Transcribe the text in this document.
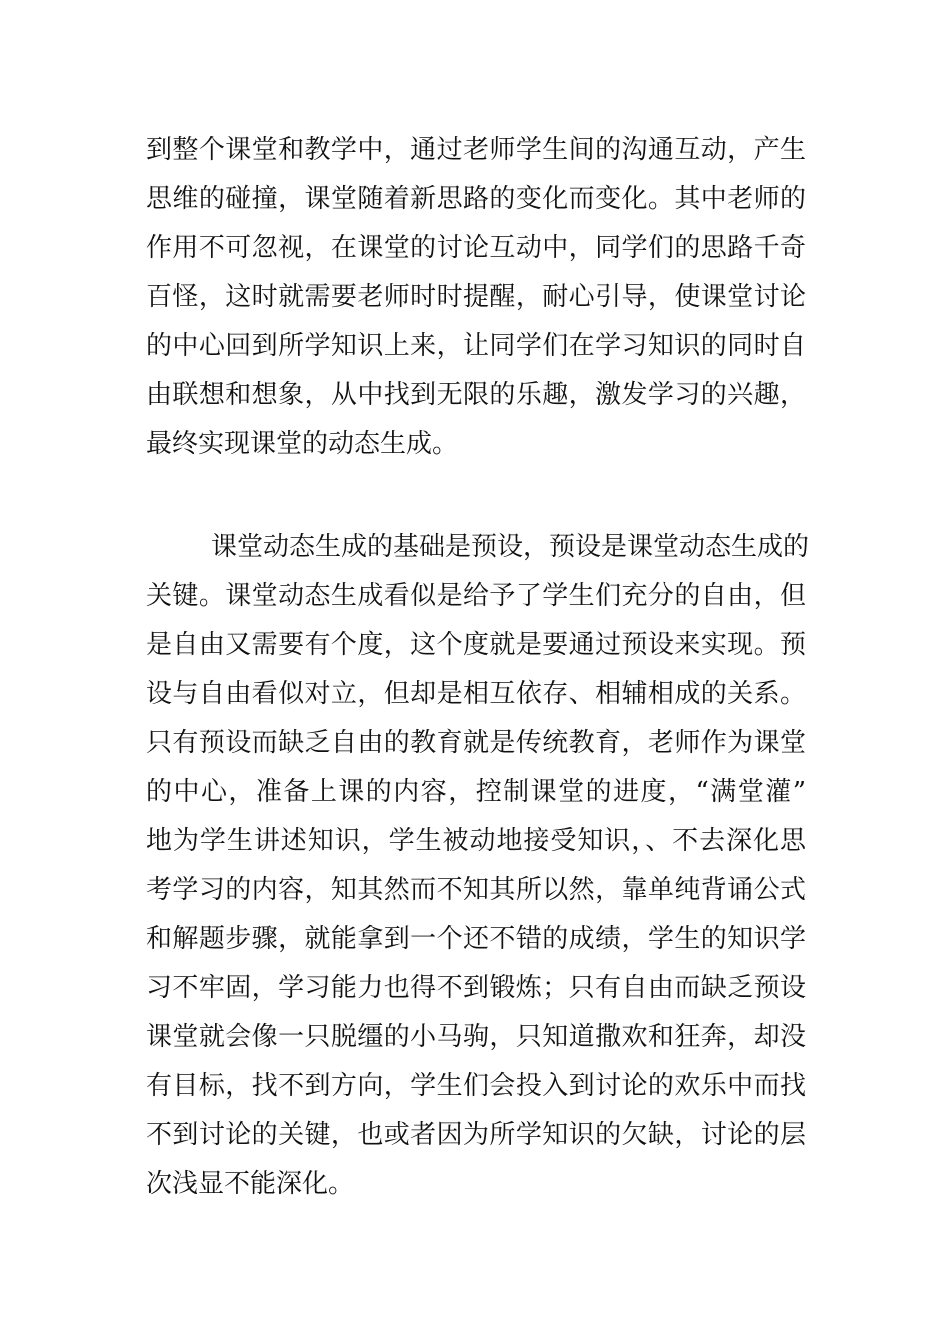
到整个课堂和教学中，通过老师学生间的沟通互动，产生
思维的碰撞，课堂随着新思路的变化而变化。其中老师的
作用不可忽视，在课堂的讨论互动中，同学们的思路千奇
百怪，这时就需要老师时时提醒，耐心引导，使课堂讨论
的中心回到所学知识上来，让同学们在学习知识的同时自
由联想和想象，从中找到无限的乐趣，激发学习的兴趣，
最终实现课堂的动态生成。
课堂动态生成的基础是预设，预设是课堂动态生成的
关键。课堂动态生成看似是给予了学生们充分的自由，但
是自由又需要有个度，这个度就是要通过预设来实现。预
设与自由看似对立，但却是相互依存、相辅相成的关系。
只有预设而缺乏自由的教育就是传统教育，老师作为课堂
的中心，准备上课的内容，控制课堂的进度，“满堂灌”
地为学生讲述知识，学生被动地接受知识，、不去深化思
考学习的内容，知其然而不知其所以然，靠单纯背诵公式
和解题步骤，就能拿到一个还不错的成绩，学生的知识学
习不牢固，学习能力也得不到锻炼；只有自由而缺乏预设
课堂就会像一只脱缰的小马驹，只知道撒欢和狂奔，却没
有目标，找不到方向，学生们会投入到讨论的欢乐中而找
不到讨论的关键，也或者因为所学知识的欠缺，讨论的层
次浅显不能深化。
